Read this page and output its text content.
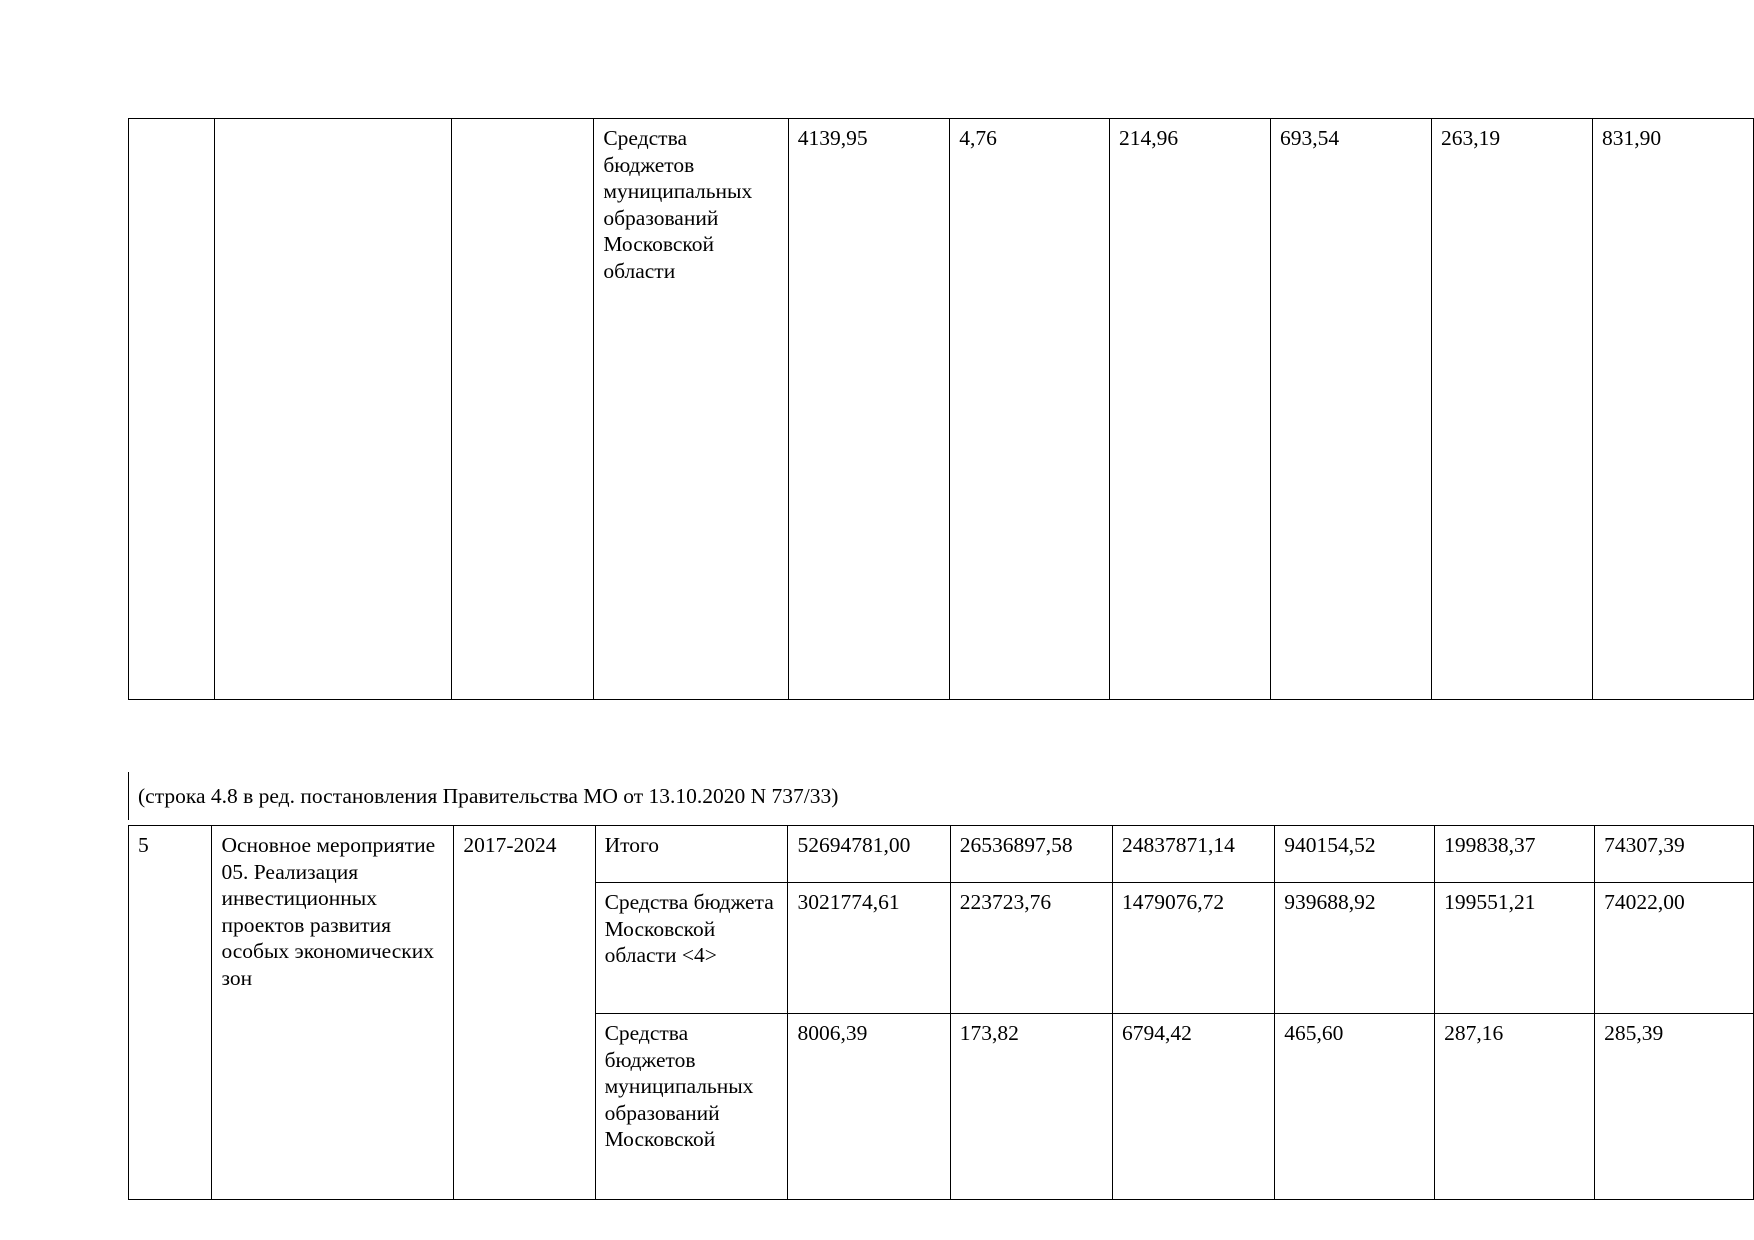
			Средства бюджетов муниципальных образований Московской области	4139,95	4,76	214,96	693,54	263,19	831,90
(строка 4.8 в ред. постановления Правительства МО от 13.10.2020 N 737/33)
5	Основное мероприятие 05. Реализация инвестиционных проектов развития особых экономических зон	2017-2024	Итого	52694781,00	26536897,58	24837871,14	940154,52	199838,37	74307,39
			Средства бюджета Московской области <4>	3021774,61	223723,76	1479076,72	939688,92	199551,21	74022,00
			Средства бюджетов муниципальных образований Московской	8006,39	173,82	6794,42	465,60	287,16	285,39
